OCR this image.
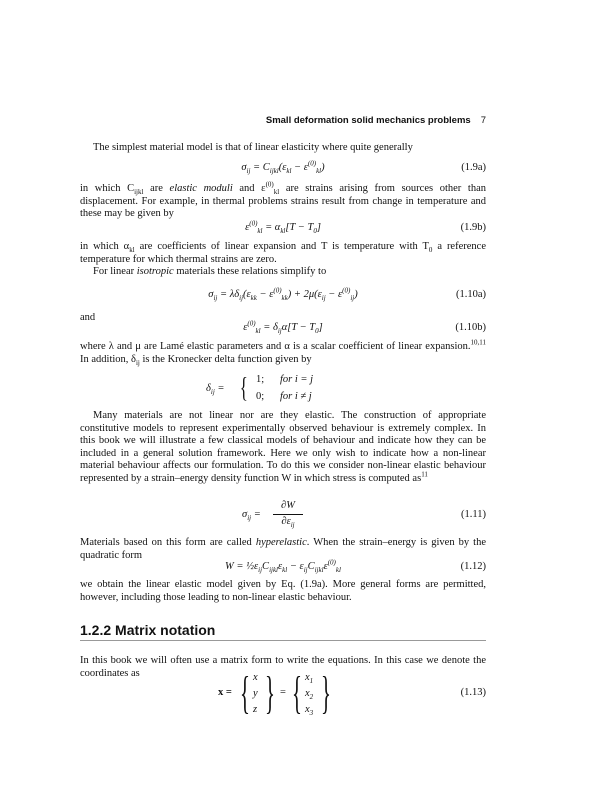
Small deformation solid mechanics problems 7

The simplest material model is that of linear elasticity where quite generally

$\sigma_{ij} = C_{ijkl}(\varepsilon_{kl} - \varepsilon^{(0)}_{kl})$	(1.9a)

in which $C_{ijkl}$ are elastic moduli and $\varepsilon^{(0)}_{kl}$ are strains arising from sources other than displacement. For example, in thermal problems strains result from change in temperature and these may be given by

$\varepsilon^{(0)}_{kl} = \alpha_{kl}[T - T_0]$	(1.9b)

in which $\alpha_{kl}$ are coefficients of linear expansion and T is temperature with $T_0$ a reference temperature for which thermal strains are zero.

For linear isotropic materials these relations simplify to

$\sigma_{ij} = \lambda\delta_{ij}(\varepsilon_{kk} - \varepsilon^{(0)}_{kk}) + 2\mu(\varepsilon_{ij} - \varepsilon^{(0)}_{ij})$	(1.10a)

and

$\varepsilon^{(0)}_{kl} = \delta_{ij}\alpha[T - T_0]$	(1.10b)

where λ and μ are Lamé elastic parameters and α is a scalar coefficient of linear expansion.$^{10,11}$ In addition, $\delta_{ij}$ is the Kronecker delta function given by

$\delta_{ij}$ = { 1; for i = j
0; for i ≠ j

Many materials are not linear nor are they elastic. The construction of appropriate constitutive models to represent experimentally observed behaviour is extremely complex. In this book we will illustrate a few classical models of behaviour and indicate how they can be included in a general solution framework. Here we only wish to indicate how a non-linear material behaviour affects our formulation. To do this we consider non-linear elastic behaviour represented by a strain–energy density function W in which stress is computed $as^{11}$

$\sigma_{ij}$ =
∂W
$\partial\varepsilon_{ij}$
(1.11)

Materials based on this form are called hyperelastic. When the strain–energy is given by the quadratic form

$W = \frac{1}{2}\varepsilon_{ij}C_{ijkl}\varepsilon_{kl} - \varepsilon_{ij}C_{ijkl}\varepsilon^{(0)}_{kl}$	(1.12)

we obtain the linear elastic model given by Eq. (1.9a). More general forms are permitted, however, including those leading to non-linear elastic behaviour.

1.2.2 Matrix notation

In this book we will often use a matrix form to write the equations. In this case we denote the coordinates as

x = { x
y
z } = { $x_1$
$x_2$
$x_3$ }	(1.13)
